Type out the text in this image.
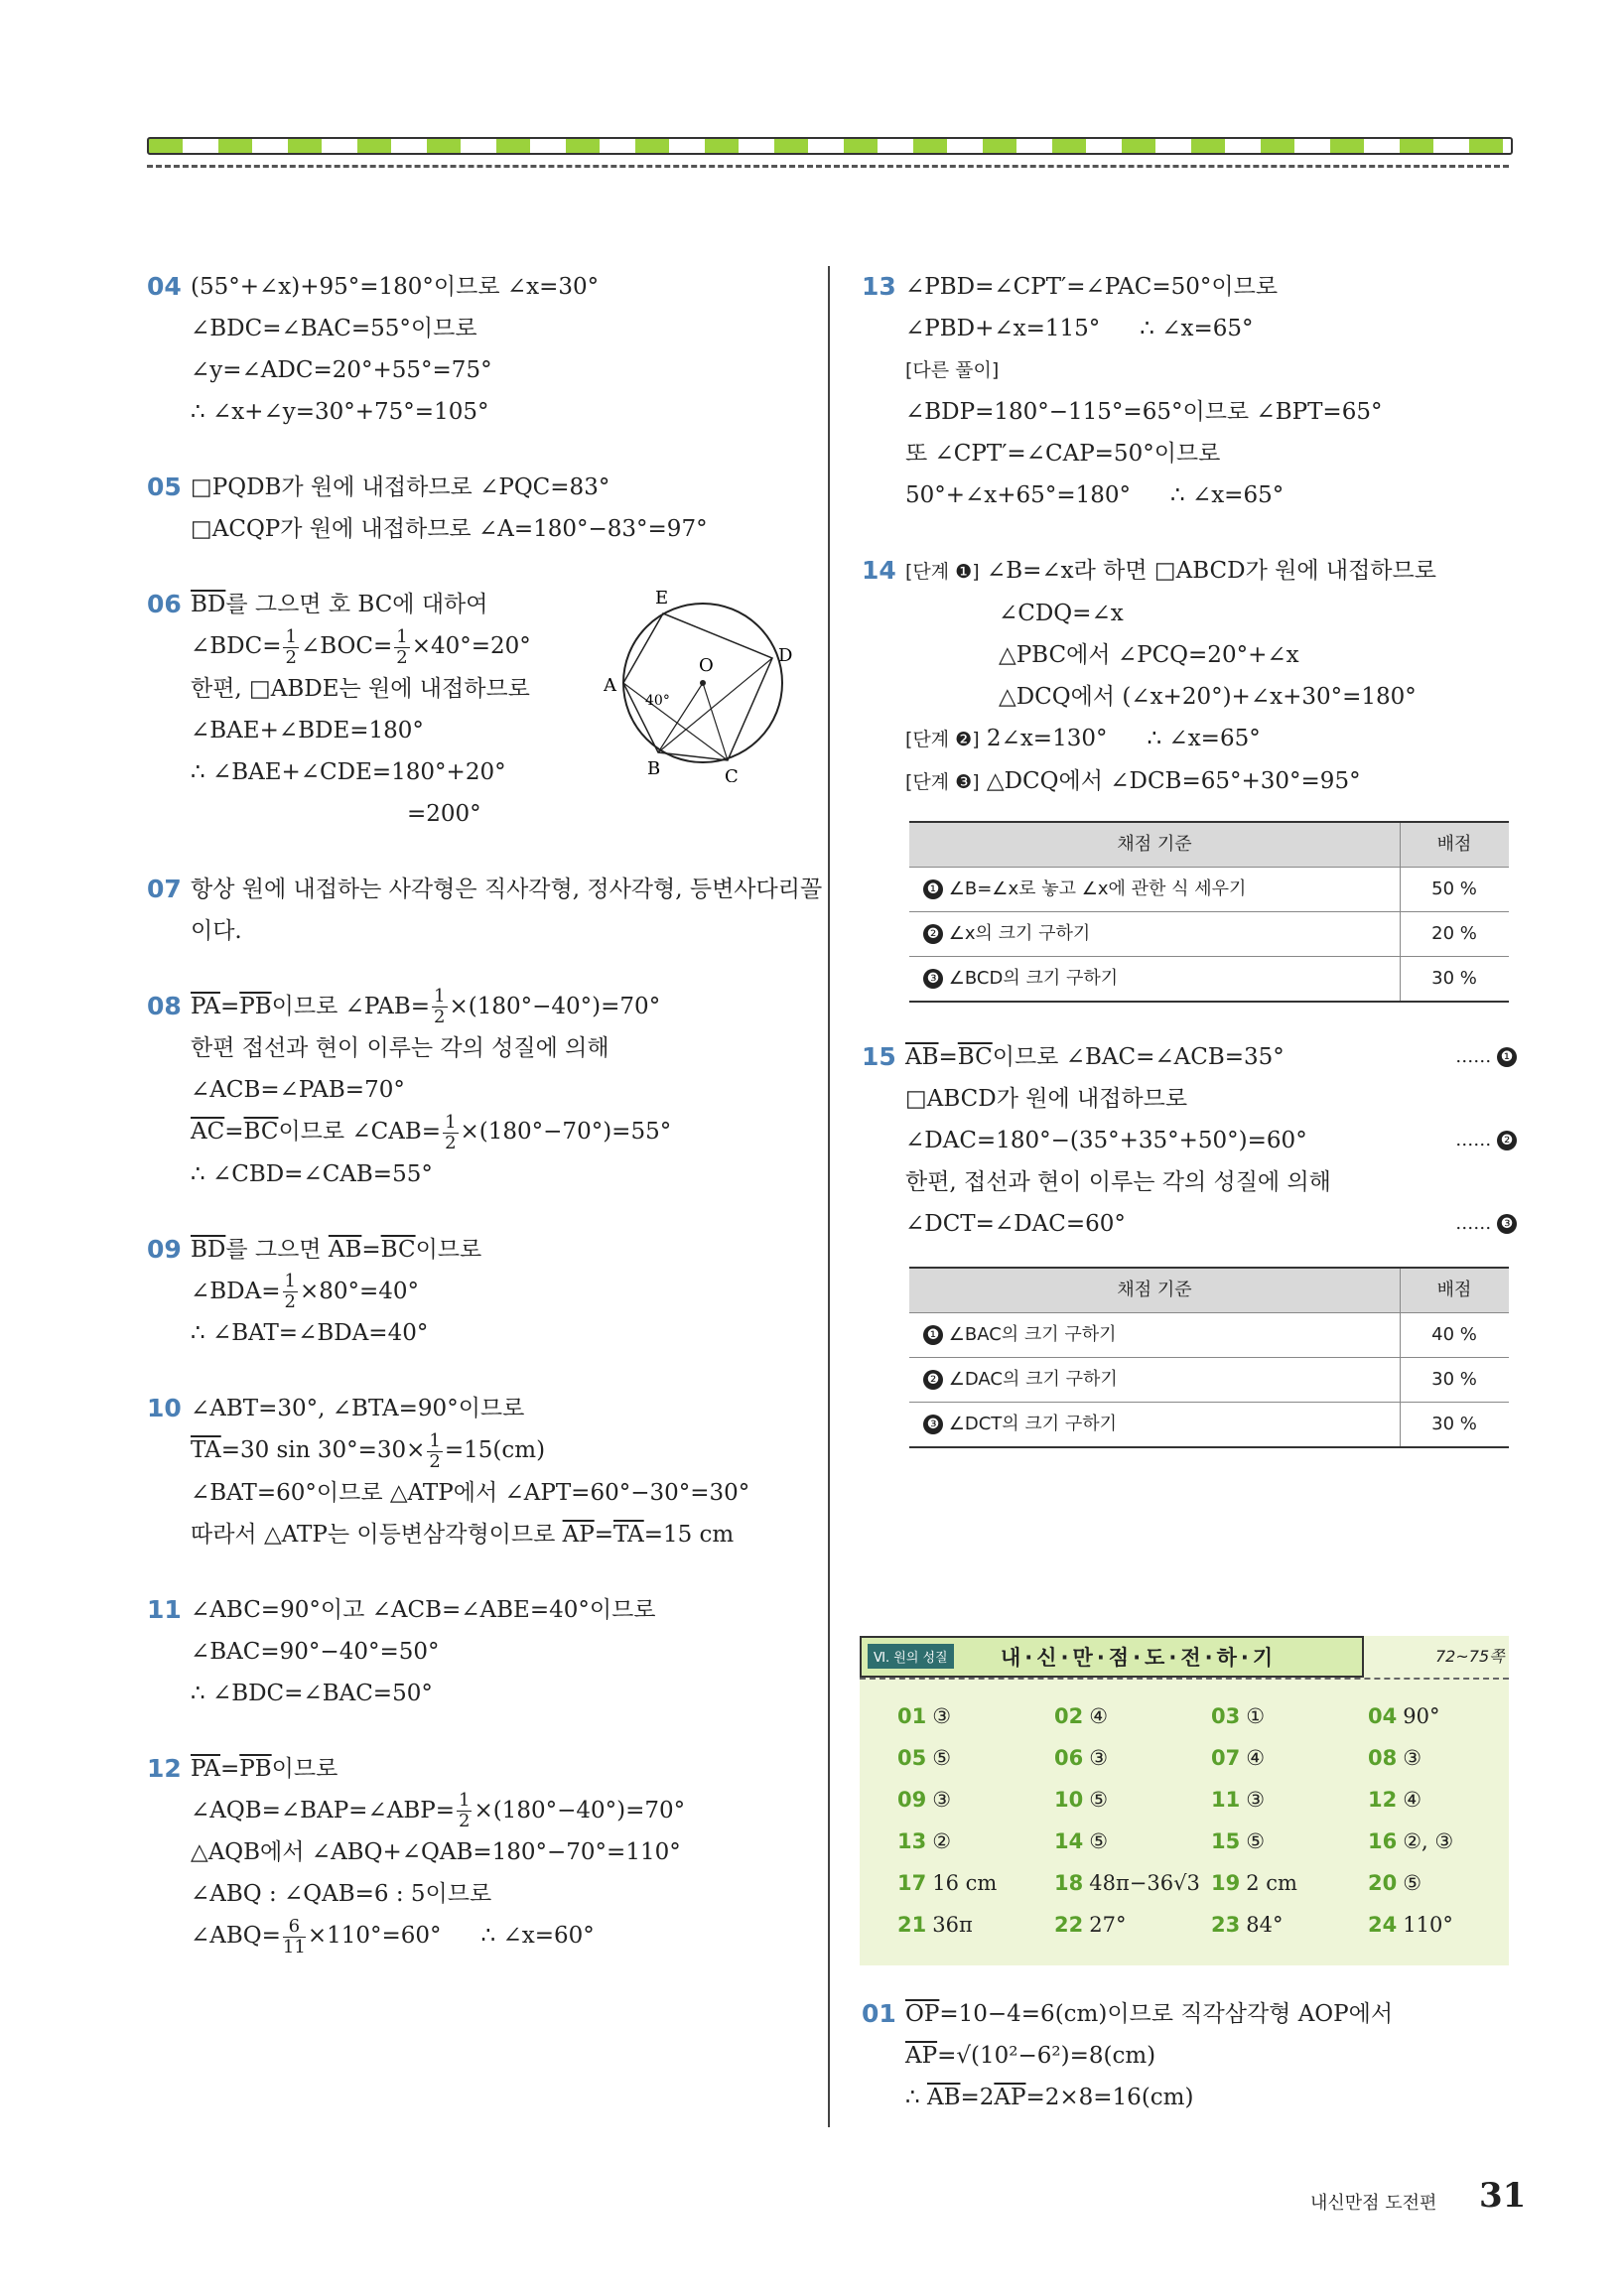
04 (55°+∠x)+95°=180°이므로 ∠x=30°
∠BDC=∠BAC=55°이므로
∠y=∠ADC=20°+55°=75°
∴ ∠x+∠y=30°+75°=105°
05 □PQDB가 원에 내접하므로 ∠PQC=83°
□ACQP가 원에 내접하므로 ∠A=180°−83°=97°
06 $\overline{BD}$를 그으면 호 BC에 대하여
∠BDC= $\frac{1}{2}$ ∠BOC= $\frac{1}{2} \times 40^\circ=20^\circ$
한편, □ABDE는 원에 내접하므로
∠BAE+∠BDE=180°
∴ ∠BAE+∠CDE=180°+20°
=200°
E
D
A
O
B	C
40°
07 항상 원에 내접하는 사각형은 직사각형, 정사각형, 등변사다리꼴
이다.
08 $\overline{PA}=\overline{PB}$이므로 ∠PAB= $\frac{1}{2} \times(180^\circ-40^\circ)=70^\circ$
한편 접선과 현이 이루는 각의 성질에 의해
∠ACB=∠PAB=70°
$\overline{AC}=\overline{BC}$이므로 ∠CAB= $\frac{1}{2} \times(180^\circ-70^\circ)=55^\circ$
∴ ∠CBD=∠CAB=55°
09 $\overline{BD}$를 그으면 $\overline{AB}=\overline{BC}$이므로
∠BDA= $\frac{1}{2} \times 80^\circ=40^\circ$
∴ ∠BAT=∠BDA=40°
10 ∠ABT=30°, ∠BTA=90°이므로
$\overline{TA}=30$ $\sin 30^\circ=30\times \frac{1}{2} =15(cm)$
∠BAT=60°이므로 △ATP에서 ∠APT=60°−30°=30°
따라서 △ATP는 이등변삼각형이므로 $\overline{AP}=\overline{TA}=15$ cm
11 ∠ABC=90°이고 ∠ACB=∠ABE=40°이므로
∠BAC=90°−40°=50°
∴ ∠BDC=∠BAC=50°
12 $\overline{PA}=\overline{PB}$이므로
∠AQB=∠BAP=∠ABP= $\frac{1}{2} \times(180^\circ-40^\circ)=70^\circ$
△AQB에서 ∠ABQ+∠QAB=180°−70°=110°
∠ABQ : ∠QAB=6 : 5이므로
∠ABQ= $\frac{6}{11} \times 110^\circ=60^\circ$ ∴ ∠x=60°
13 ∠PBD=∠CPT′=∠PAC=50°이므로
∠PBD+∠x=115° ∴ ∠x=65°
[다른 풀이]
∠BDP=180°−115°=65°이므로 ∠BPT=65°
또 ∠CPT′=∠CAP=50°이므로
50°+∠x+65°=180° ∴ ∠x=65°
14 [단계 ❶] ∠B=∠x라 하면 □ABCD가 원에 내접하므로
∠CDQ=∠x
△PBC에서 ∠PCQ=20°+∠x
△DCQ에서 (∠x+20°)+∠x+30°=180°
[단계 ❷] 2∠x=130° ∴ ∠x=65°
[단계 ❸] △DCQ에서 ∠DCB=65°+30°=95°
채점 기준	배점
❶ ∠B=∠x로 놓고 ∠x에 관한 식 세우기	50 %
❷ ∠x의 크기 구하기	20 %
❸ ∠BCD의 크기 구하기	30 %
15 $\overline{AB}=\overline{BC}$이므로 ∠BAC=∠ACB=35°	…… ❶
□ABCD가 원에 내접하므로
∠DAC=180°−(35°+35°+50°)=60°	…… ❷
한편, 접선과 현이 이루는 각의 성질에 의해
∠DCT=∠DAC=60°	…… ❸
채점 기준	배점
❶ ∠BAC의 크기 구하기	40 %
❷ ∠DAC의 크기 구하기	30 %
❸ ∠DCT의 크기 구하기	30 %
Ⅵ. 원의 성질	내·신·만·점·도·전·하·기	72~75쪽
01 ③	02 ④	03 ①	04 90°
05 ⑤	06 ③	07 ④	08 ③
09 ③	10 ⑤	11 ③	12 ④
13 ②	14 ⑤	15 ⑤	16 ②, ③
17 16 cm	18 48π−36√3 19 2 cm	20 ⑤
21 36π	22 27°	23 84°	24 110°
01 $\overline{OP}=10-4=6(cm)$이므로 직각삼각형 AOP에서
$\overline{AP}=√(10^2-6^2)=8(cm)$
∴ $\overline{AB}=2\overline{AP}=2\times 8=16(cm)$
내신만점 도전편 31
